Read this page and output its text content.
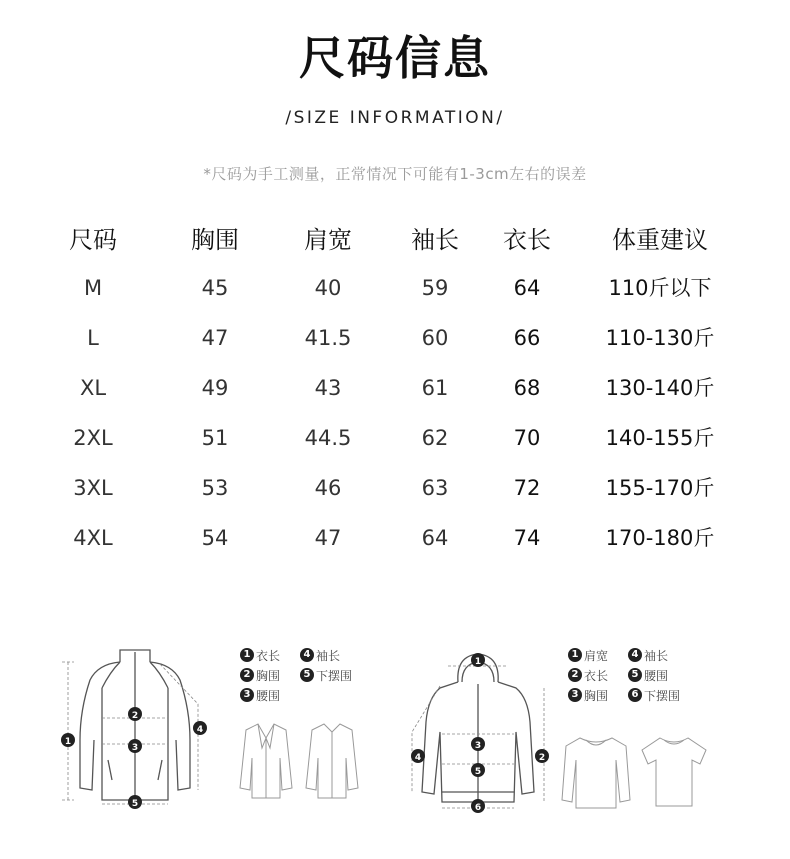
尺码信息
/SIZE INFORMATION/
*尺码为手工测量，正常情况下可能有1-3cm左右的误差
尺码	胸围	肩宽 袖长 衣长	体重建议
M	45	40	59	64	110斤以下
L	47	41.5	60	66	110-130斤
XL	49	43	61	68	130-140斤
2XL	51	44.5	62	70	140-155斤
3XL	53	46	63	72	155-170斤
4XL	54	47	64	74	170-180斤
1
2
3
4
5
1 衣长	4 袖长
2 胸围	5 下摆围
3 腰围
1
2
3
4
5
6
1 肩宽	4 袖长
2 衣长	5 腰围
3 胸围	6 下摆围
